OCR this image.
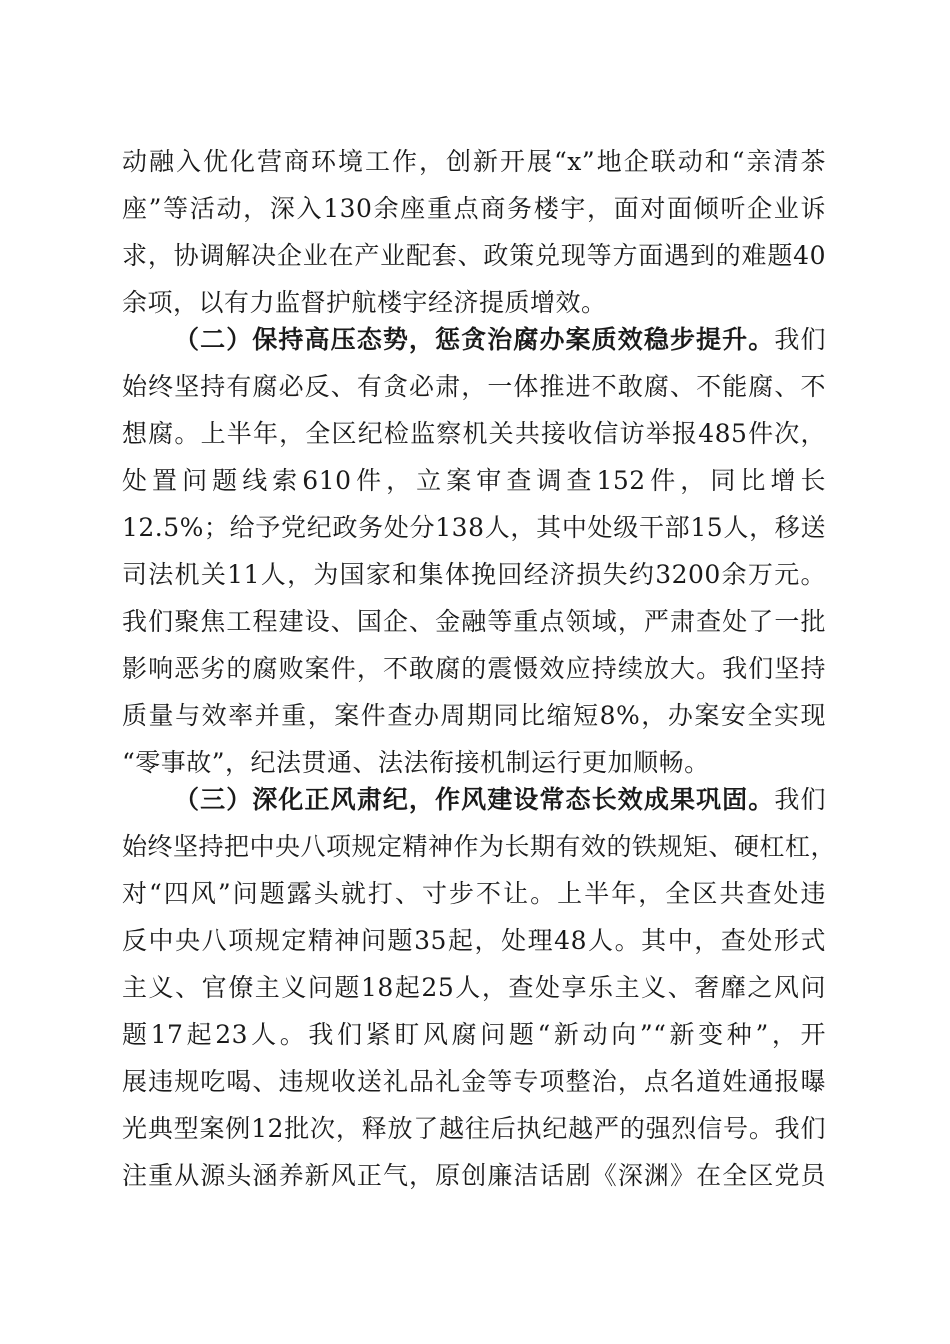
动融入优化营商环境工作，创新开展“x”地企联动和“亲清茶
座”等活动，深入130余座重点商务楼宇，面对面倾听企业诉
求，协调解决企业在产业配套、政策兑现等方面遇到的难题40
余项，以有力监督护航楼宇经济提质增效。
（二）保持高压态势，惩贪治腐办案质效稳步提升。我们
始终坚持有腐必反、有贪必肃，一体推进不敢腐、不能腐、不
想腐。上半年，全区纪检监察机关共接收信访举报485件次，
处置问题线索610件，立案审查调查152件，同比增长
12.5%；给予党纪政务处分138人，其中处级干部15人，移送
司法机关11人，为国家和集体挽回经济损失约3200余万元。
我们聚焦工程建设、国企、金融等重点领域，严肃查处了一批
影响恶劣的腐败案件，不敢腐的震慑效应持续放大。我们坚持
质量与效率并重，案件查办周期同比缩短8%，办案安全实现
“零事故”，纪法贯通、法法衔接机制运行更加顺畅。
（三）深化正风肃纪，作风建设常态长效成果巩固。我们
始终坚持把中央八项规定精神作为长期有效的铁规矩、硬杠杠，
对“四风”问题露头就打、寸步不让。上半年，全区共查处违
反中央八项规定精神问题35起，处理48人。其中，查处形式
主义、官僚主义问题18起25人，查处享乐主义、奢靡之风问
题17起23人。我们紧盯风腐问题“新动向”“新变种”，开
展违规吃喝、违规收送礼品礼金等专项整治，点名道姓通报曝
光典型案例12批次，释放了越往后执纪越严的强烈信号。我们
注重从源头涵养新风正气，原创廉洁话剧《深渊》在全区党员
